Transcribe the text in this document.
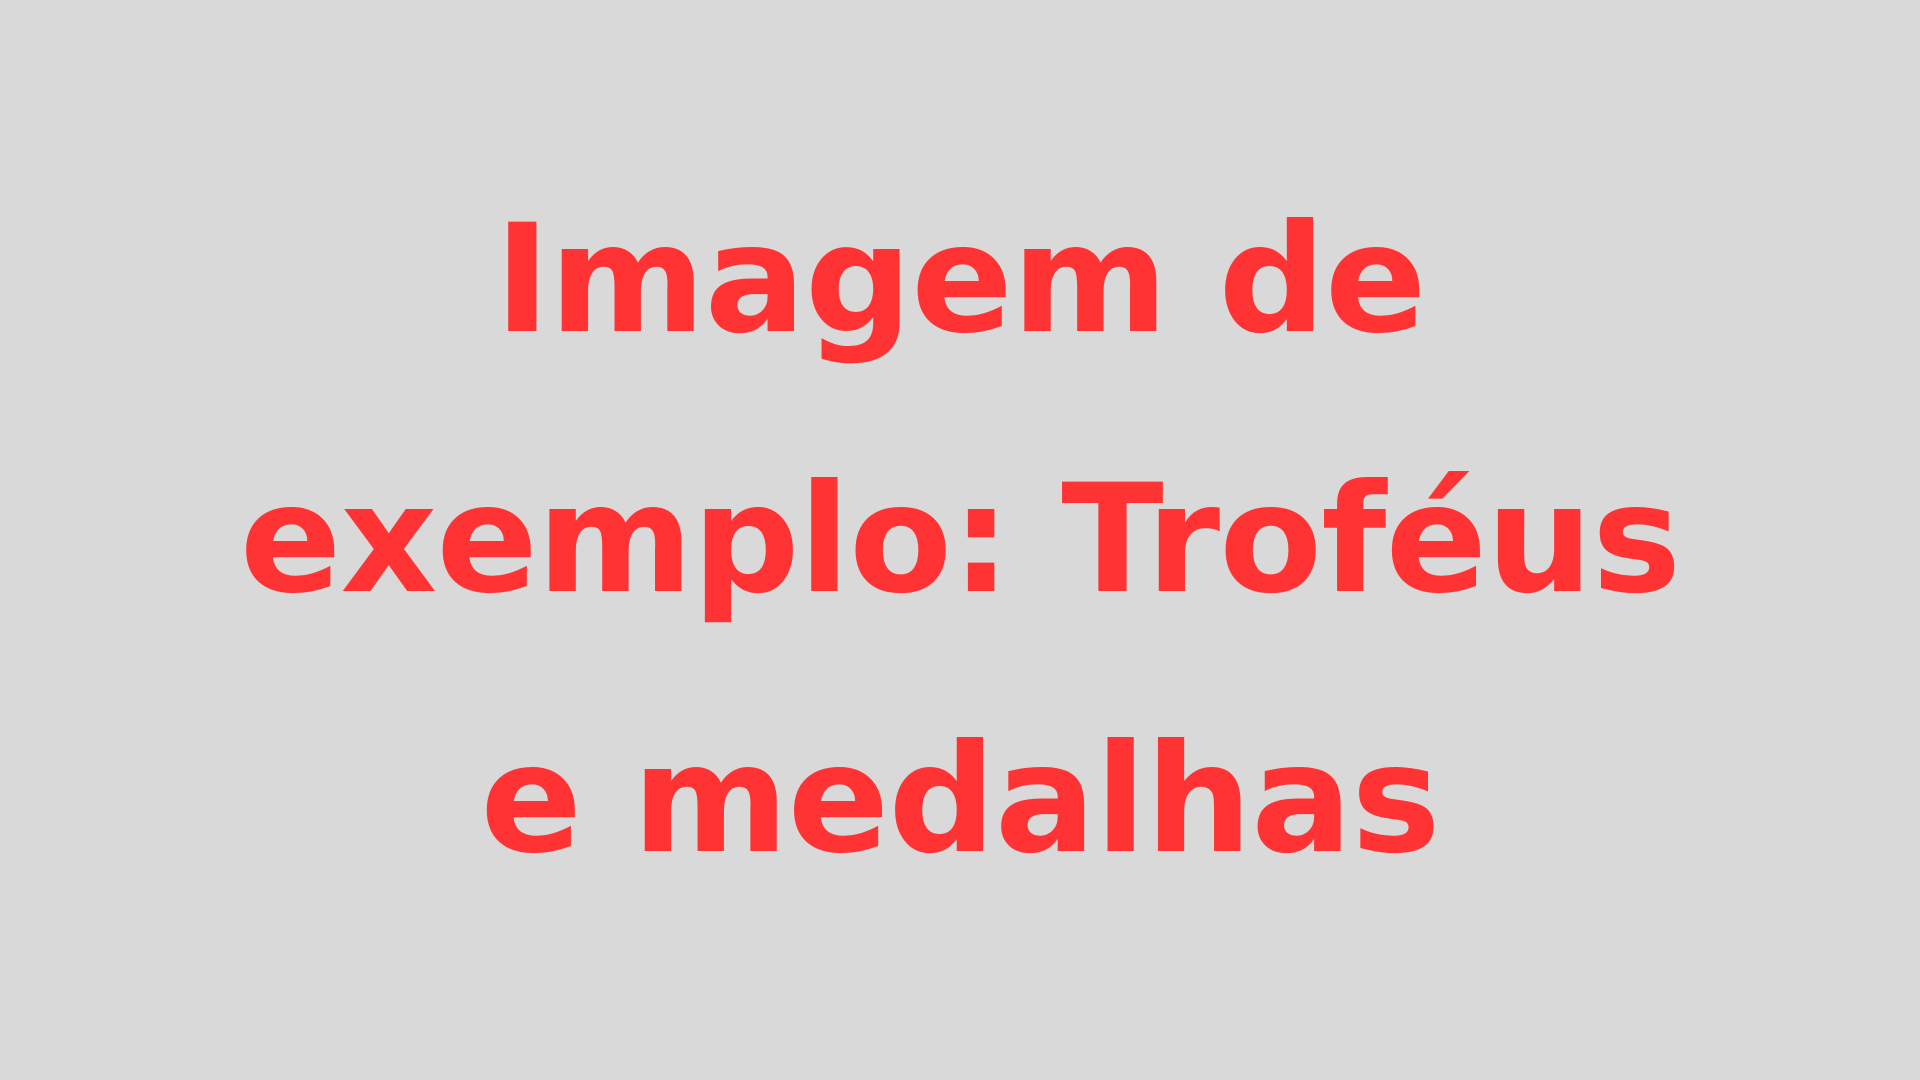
Imagem de
exemplo: Troféus
e medalhas
